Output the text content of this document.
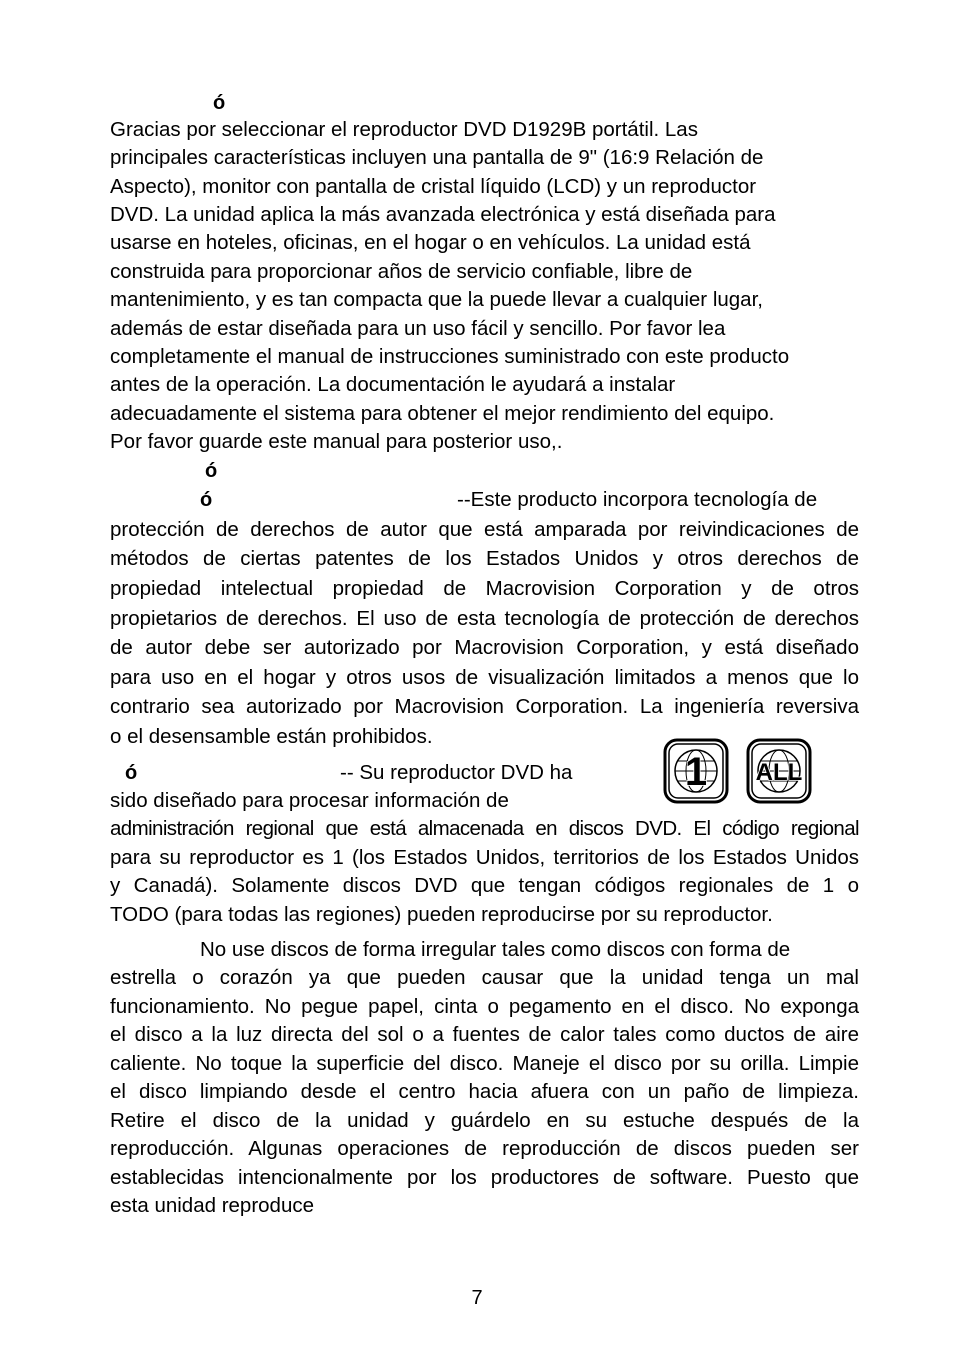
ó
Gracias por seleccionar el reproductor DVD D1929B portátil. Las
principales características incluyen una pantalla de 9" (16:9 Relación de
Aspecto), monitor con pantalla de cristal líquido (LCD) y un reproductor
DVD. La unidad aplica la más avanzada electrónica y está diseñada para
usarse en hoteles, oficinas, en el hogar o en vehículos. La unidad está
construida para proporcionar años de servicio confiable, libre de
mantenimiento, y es tan compacta que la puede llevar a cualquier lugar,
además de estar diseñada para un uso fácil y sencillo. Por favor lea
completamente el manual de instrucciones suministrado con este producto
antes de la operación. La documentación le ayudará a instalar
adecuadamente el sistema para obtener el mejor rendimiento del equipo.
Por favor guarde este manual para posterior uso,.
ó
ó	--Este producto incorpora tecnología de
protección de derechos de autor que está amparada por reivindicaciones de
métodos de ciertas patentes de los Estados Unidos y otros derechos de
propiedad intelectual propiedad de Macrovision Corporation y de otros
propietarios de derechos. El uso de esta tecnología de protección de derechos
de autor debe ser autorizado por Macrovision Corporation, y está diseñado
para uso en el hogar y otros usos de visualización limitados a menos que lo
contrario sea autorizado por Macrovision Corporation. La ingeniería reversiva
o el desensamble están prohibidos.
ó	-- Su reproductor DVD ha
sido diseñado para procesar información de
1 ALL
administración regional que está almacenada en discos DVD. El código regional
para su reproductor es 1 (los Estados Unidos, territorios de los Estados Unidos
y Canadá). Solamente discos DVD que tengan códigos regionales de 1 o
TODO (para todas las regiones) pueden reproducirse por su reproductor.
No use discos de forma irregular tales como discos con forma de
estrella o corazón ya que pueden causar que la unidad tenga un mal
funcionamiento. No pegue papel, cinta o pegamento en el disco. No exponga
el disco a la luz directa del sol o a fuentes de calor tales como ductos de aire
caliente. No toque la superficie del disco. Maneje el disco por su orilla. Limpie
el disco limpiando desde el centro hacia afuera con un paño de limpieza.
Retire el disco de la unidad y guárdelo en su estuche después de la
reproducción. Algunas operaciones de reproducción de discos pueden ser
establecidas intencionalmente por los productores de software. Puesto que
esta unidad reproduce
7
